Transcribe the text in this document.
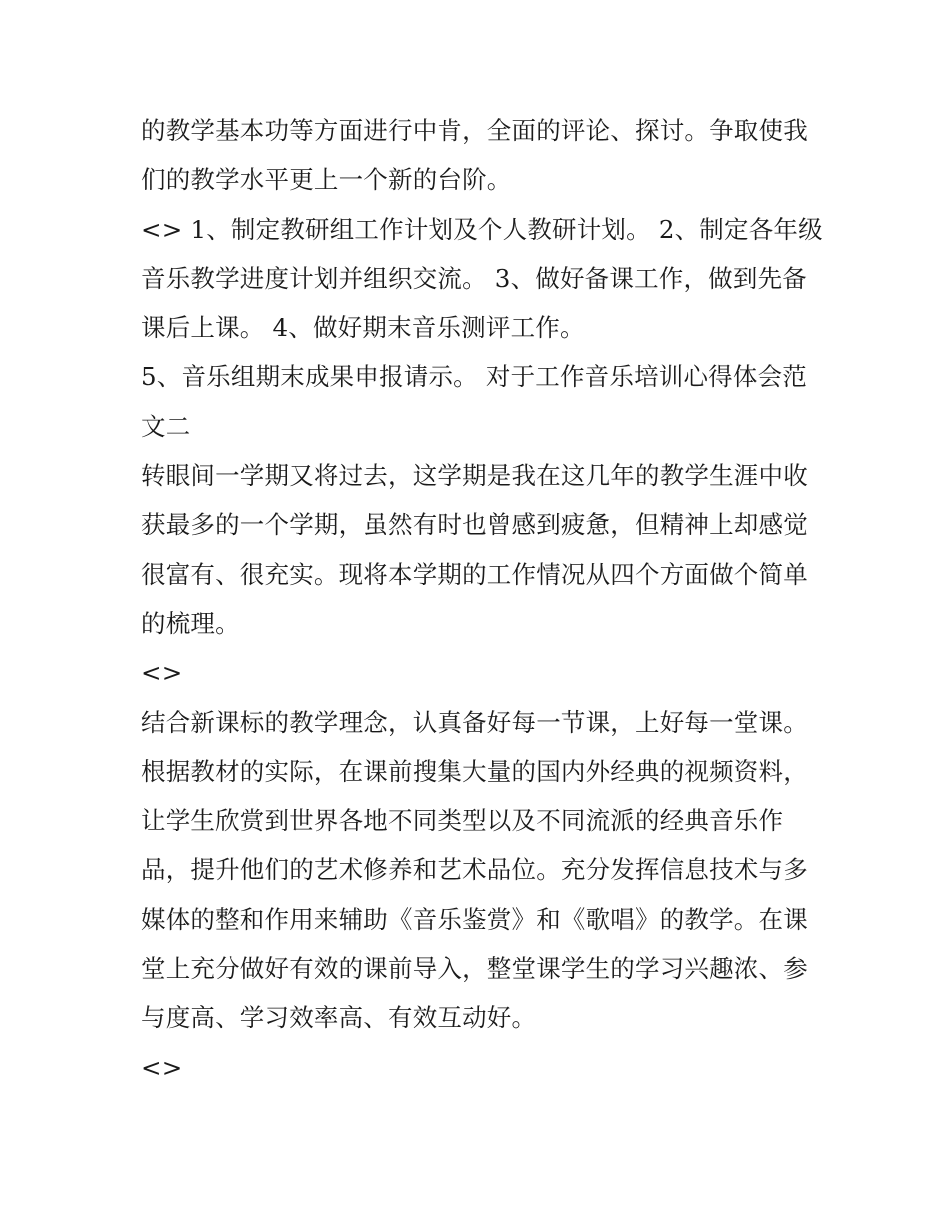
的教学基本功等方面进行中肯，全面的评论、探讨。争取使我
们的教学水平更上一个新的台阶。
<> 1、制定教研组工作计划及个人教研计划。 2、制定各年级
音乐教学进度计划并组织交流。 3、做好备课工作，做到先备
课后上课。 4、做好期末音乐测评工作。
5、音乐组期末成果申报请示。 对于工作音乐培训心得体会范
文二
转眼间一学期又将过去，这学期是我在这几年的教学生涯中收
获最多的一个学期，虽然有时也曾感到疲惫，但精神上却感觉
很富有、很充实。现将本学期的工作情况从四个方面做个简单
的梳理。
<>
结合新课标的教学理念，认真备好每一节课，上好每一堂课。
根据教材的实际，在课前搜集大量的国内外经典的视频资料，
让学生欣赏到世界各地不同类型以及不同流派的经典音乐作
品，提升他们的艺术修养和艺术品位。充分发挥信息技术与多
媒体的整和作用来辅助《音乐鉴赏》和《歌唱》的教学。在课
堂上充分做好有效的课前导入，整堂课学生的学习兴趣浓、参
与度高、学习效率高、有效互动好。
<>
